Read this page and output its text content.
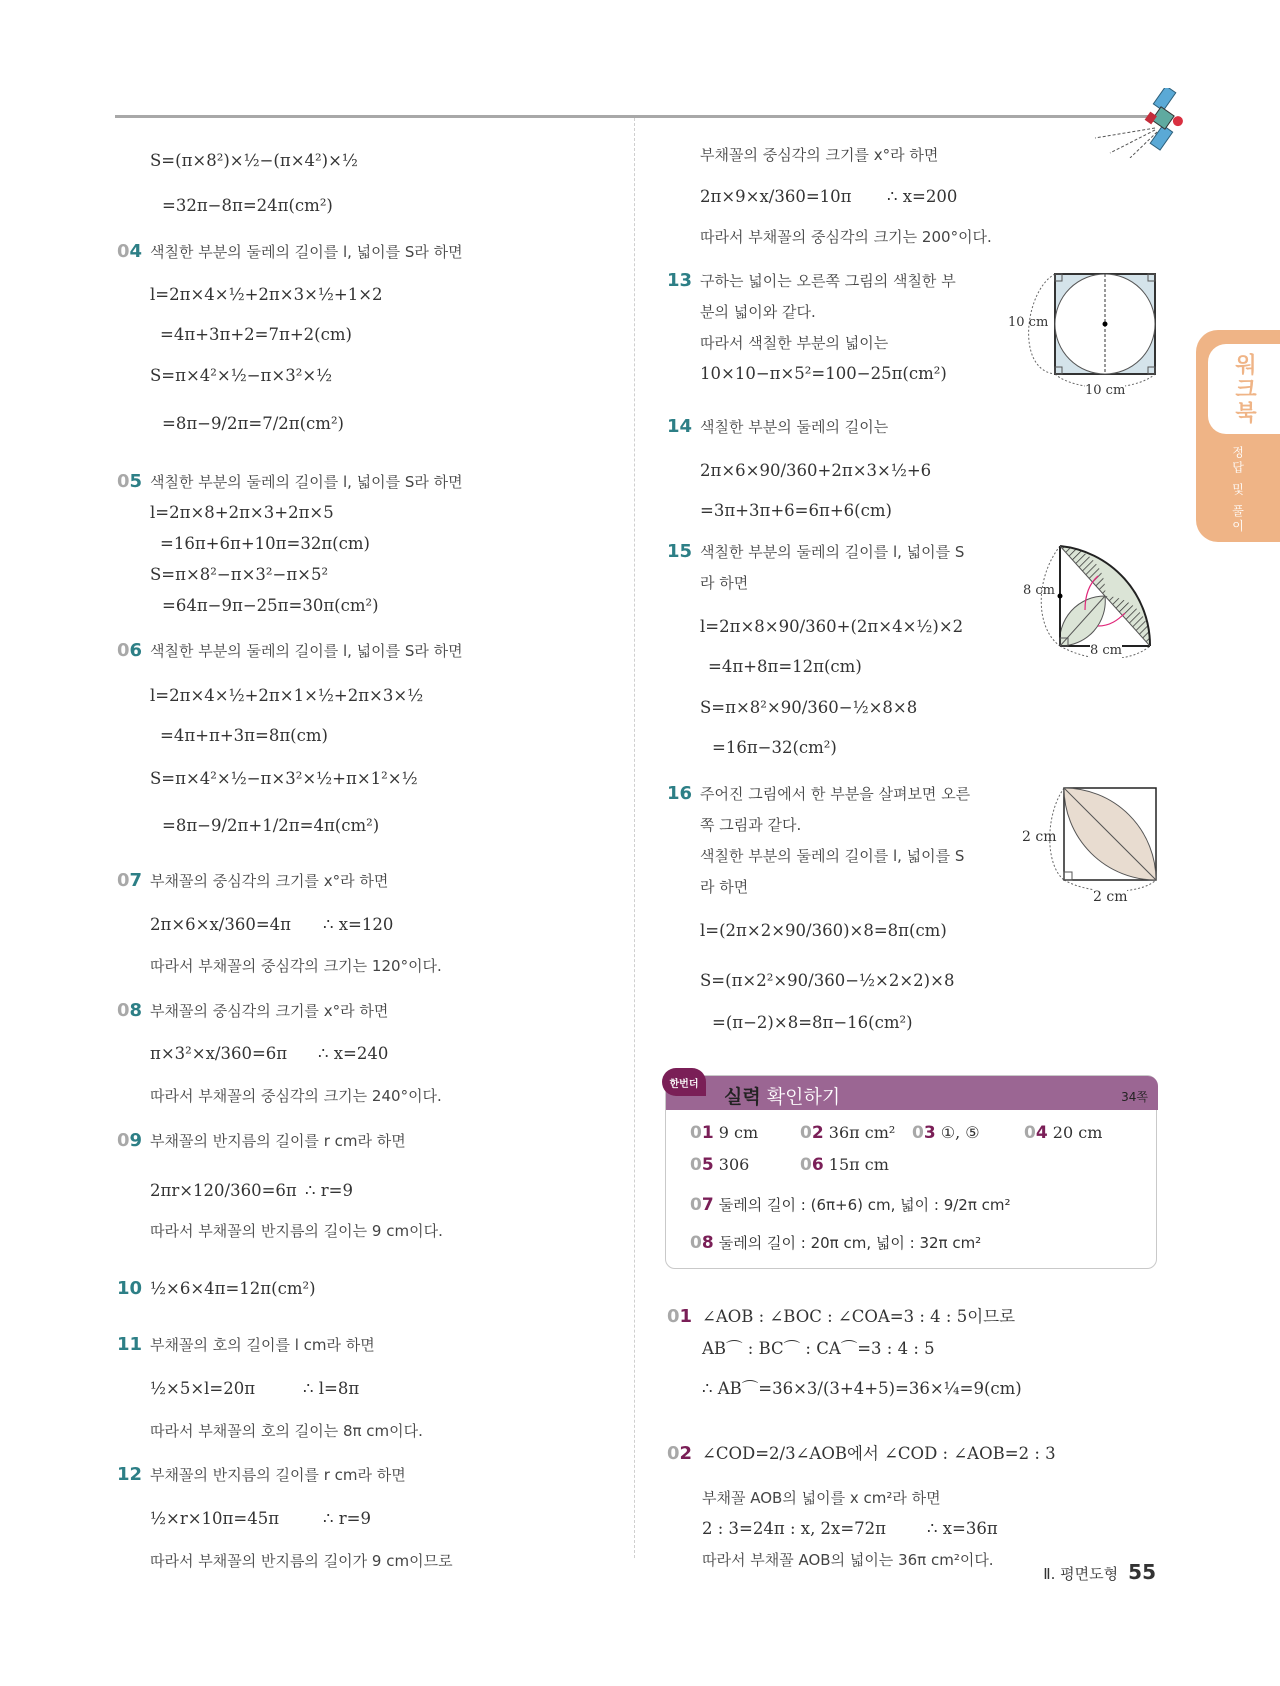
워크북
정답 및 풀이
S=(π×8²)×½−(π×4²)×½
=32π−8π=24π(cm²)
04 색칠한 부분의 둘레의 길이를 l, 넓이를 S라 하면
l=2π×4×½+2π×3×½+1×2
=4π+3π+2=7π+2(cm)
S=π×4²×½−π×3²×½
=8π−9/2π=7/2π(cm²)
05 색칠한 부분의 둘레의 길이를 l, 넓이를 S라 하면
l=2π×8+2π×3+2π×5
=16π+6π+10π=32π(cm)
S=π×8²−π×3²−π×5²
=64π−9π−25π=30π(cm²)
06 색칠한 부분의 둘레의 길이를 l, 넓이를 S라 하면
l=2π×4×½+2π×1×½+2π×3×½
=4π+π+3π=8π(cm)
S=π×4²×½−π×3²×½+π×1²×½
=8π−9/2π+1/2π=4π(cm²)
07 부채꼴의 중심각의 크기를 x°라 하면
2π×6×x/360=4π ∴ x=120
따라서 부채꼴의 중심각의 크기는 120°이다.
08 부채꼴의 중심각의 크기를 x°라 하면
π×3²×x/360=6π ∴ x=240
따라서 부채꼴의 중심각의 크기는 240°이다.
09 부채꼴의 반지름의 길이를 r cm라 하면
2πr×120/360=6π ∴ r=9
따라서 부채꼴의 반지름의 길이는 9 cm이다.
10 ½×6×4π=12π(cm²)
11 부채꼴의 호의 길이를 l cm라 하면
½×5×l=20π	∴ l=8π
따라서 부채꼴의 호의 길이는 8π cm이다.
12 부채꼴의 반지름의 길이를 r cm라 하면
½×r×10π=45π	∴ r=9
따라서 부채꼴의 반지름의 길이가 9 cm이므로
부채꼴의 중심각의 크기를 x°라 하면
2π×9×x/360=10π ∴ x=200
따라서 부채꼴의 중심각의 크기는 200°이다.
13 구하는 넓이는 오른쪽 그림의 색칠한 부
분의 넓이와 같다.
따라서 색칠한 부분의 넓이는
10×10−π×5²=100−25π(cm²)
10 cm
10 cm
14 색칠한 부분의 둘레의 길이는
2π×6×90/360+2π×3×½+6
=3π+3π+6=6π+6(cm)
15 색칠한 부분의 둘레의 길이를 l, 넓이를 S
라 하면
l=2π×8×90/360+(2π×4×½)×2
=4π+8π=12π(cm)
S=π×8²×90/360−½×8×8
=16π−32(cm²)
8 cm
8 cm
16 주어진 그림에서 한 부분을 살펴보면 오른
쪽 그림과 같다.
색칠한 부분의 둘레의 길이를 l, 넓이를 S
라 하면
l=(2π×2×90/360)×8=8π(cm)
S=(π×2²×90/360−½×2×2)×8
=(π−2)×8=8π−16(cm²)
2 cm
2 cm
실력 확인하기	34쪽
한번더
01 9 cm 02 36π cm² 03 ①, ⑤	04 20 cm
05 306	06 15π cm
07 둘레의 길이 : (6π+6) cm, 넓이 : 9/2π cm²
08 둘레의 길이 : 20π cm, 넓이 : 32π cm²
01 ∠AOB : ∠BOC : ∠COA=3 : 4 : 5이므로
AB⌒ : BC⌒ : CA⌒=3 : 4 : 5
∴ AB⌒=36×3/(3+4+5)=36×¼=9(cm)
02 ∠COD=2/3∠AOB에서 ∠COD : ∠AOB=2 : 3
부채꼴 AOB의 넓이를 x cm²라 하면
2 : 3=24π : x, 2x=72π ∴ x=36π
따라서 부채꼴 AOB의 넓이는 36π cm²이다.
Ⅱ. 평면도형 55
